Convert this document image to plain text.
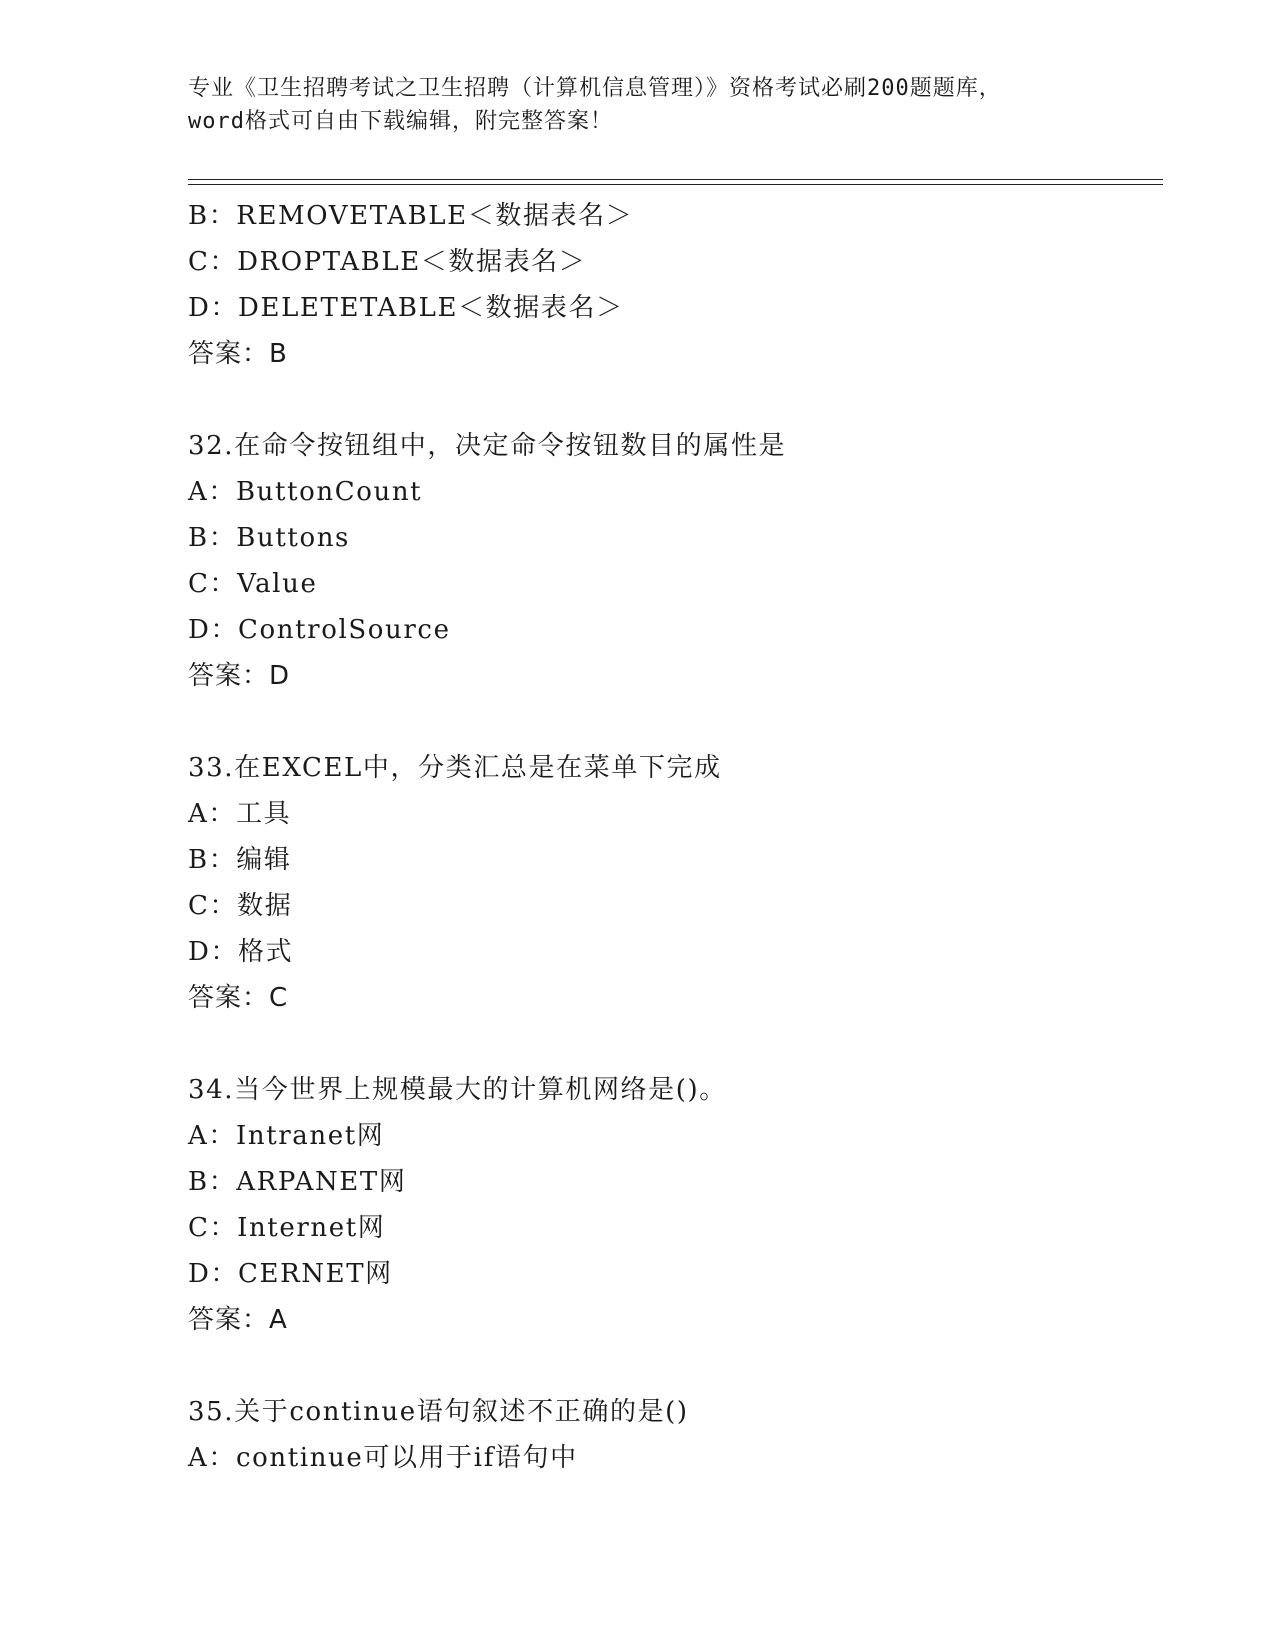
专业《卫生招聘考试之卫生招聘（计算机信息管理）》资格考试必刷200题题库，
word格式可自由下载编辑，附完整答案！
B：REMOVETABLE＜数据表名＞
C：DROPTABLE＜数据表名＞
D：DELETETABLE＜数据表名＞
答案：B
32.在命令按钮组中，决定命令按钮数目的属性是
A：ButtonCount
B：Buttons
C：Value
D：ControlSource
答案：D
33.在EXCEL中，分类汇总是在菜单下完成
A：工具
B：编辑
C：数据
D：格式
答案：C
34.当今世界上规模最大的计算机网络是()。
A：Intranet网
B：ARPANET网
C：Internet网
D：CERNET网
答案：A
35.关于continue语句叙述不正确的是()
A：continue可以用于if语句中
